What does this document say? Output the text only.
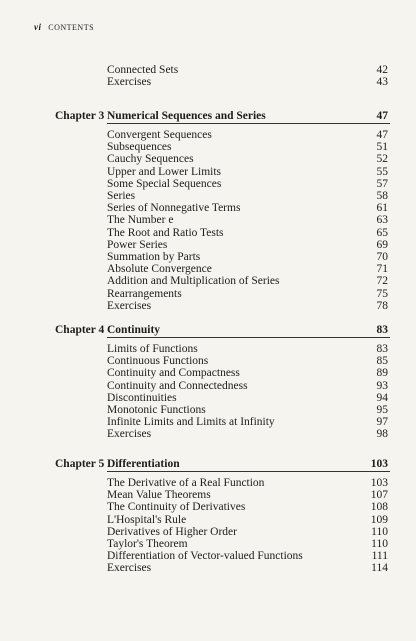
vi CONTENTS
Connected Sets	42
Exercises	43
Chapter 3 Numerical Sequences and Series	47
Convergent Sequences	47
Subsequences	51
Cauchy Sequences	52
Upper and Lower Limits	55
Some Special Sequences	57
Series	58
Series of Nonnegative Terms	61
The Number e	63
The Root and Ratio Tests	65
Power Series	69
Summation by Parts	70
Absolute Convergence	71
Addition and Multiplication of Series	72
Rearrangements	75
Exercises	78
Chapter 4 Continuity	83
Limits of Functions	83
Continuous Functions	85
Continuity and Compactness	89
Continuity and Connectedness	93
Discontinuities	94
Monotonic Functions	95
Infinite Limits and Limits at Infinity	97
Exercises	98
Chapter 5 Differentiation	103
The Derivative of a Real Function	103
Mean Value Theorems	107
The Continuity of Derivatives	108
L'Hospital's Rule	109
Derivatives of Higher Order	110
Taylor's Theorem	110
Differentiation of Vector-valued Functions	111
Exercises	114
